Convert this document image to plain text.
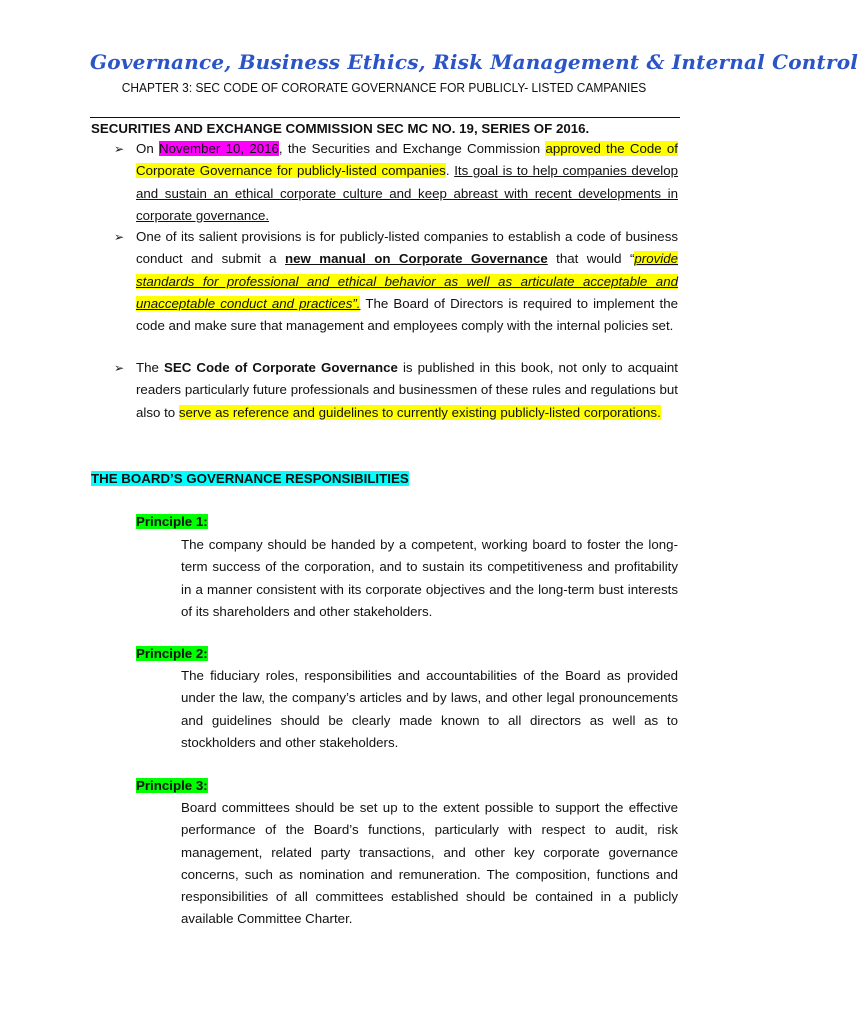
Governance, Business Ethics, Risk Management & Internal Control
CHAPTER 3: SEC CODE OF CORORATE GOVERNANCE FOR PUBLICLY- LISTED CAMPANIES
SECURITIES AND EXCHANGE COMMISSION SEC MC NO. 19, SERIES OF 2016.
➢ On November 10, 2016, the Securities and Exchange Commission approved the Code of Corporate Governance for publicly-listed companies. Its goal is to help companies develop and sustain an ethical corporate culture and keep abreast with recent developments in corporate governance.
➢ One of its salient provisions is for publicly-listed companies to establish a code of business conduct and submit a new manual on Corporate Governance that would “provide standards for professional and ethical behavior as well as articulate acceptable and unacceptable conduct and practices”. The Board of Directors is required to implement the code and make sure that management and employees comply with the internal policies set.
➢ The SEC Code of Corporate Governance is published in this book, not only to acquaint readers particularly future professionals and businessmen of these rules and regulations but also to serve as reference and guidelines to currently existing publicly-listed corporations.
THE BOARD’S GOVERNANCE RESPONSIBILITIES
Principle 1:
The company should be handed by a competent, working board to foster the long-term success of the corporation, and to sustain its competitiveness and profitability in a manner consistent with its corporate objectives and the long-term bust interests of its shareholders and other stakeholders.
Principle 2:
The fiduciary roles, responsibilities and accountabilities of the Board as provided under the law, the company’s articles and by laws, and other legal pronouncements and guidelines should be clearly made known to all directors as well as to stockholders and other stakeholders.
Principle 3:
Board committees should be set up to the extent possible to support the effective performance of the Board’s functions, particularly with respect to audit, risk management, related party transactions, and other key corporate governance concerns, such as nomination and remuneration. The composition, functions and responsibilities of all committees established should be contained in a publicly available Committee Charter.
